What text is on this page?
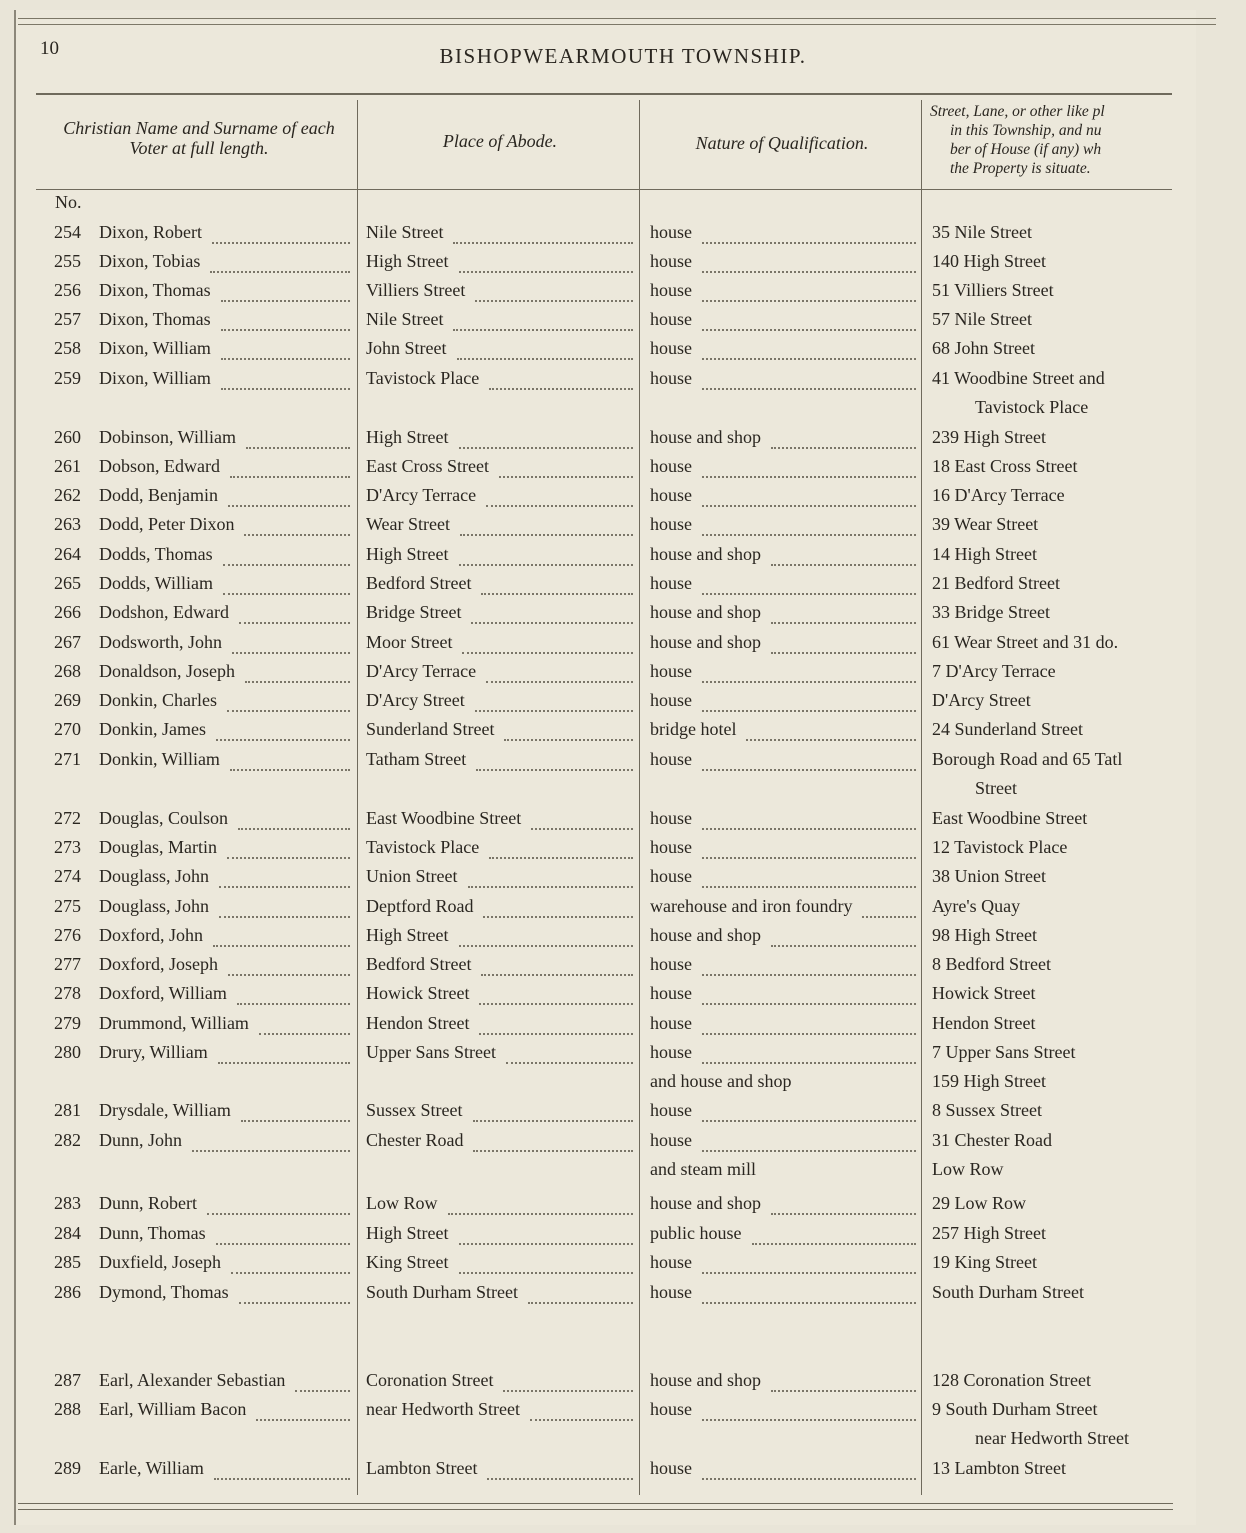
10	BISHOPWEARMOUTH TOWNSHIP.
Christian Name and Surname of each Voter at full length.	Place of Abode.	Nature of Qualification.
Street, Lane, or other like pl
in this Township, and nu
ber of House (if any) wh
the Property is situate.
No.
254 Dixon, Robert	Nile Street	house	35 Nile Street
255 Dixon, Tobias	High Street	house	140 High Street
256 Dixon, Thomas	Villiers Street	house	51 Villiers Street
257 Dixon, Thomas	Nile Street	house	57 Nile Street
258 Dixon, William	John Street	house	68 John Street
259 Dixon, William	Tavistock Place	house	41 Woodbine Street and
Tavistock Place
260 Dobinson, William	High Street	house and shop	239 High Street
261 Dobson, Edward	East Cross Street	house	18 East Cross Street
262 Dodd, Benjamin	D'Arcy Terrace	house	16 D'Arcy Terrace
263 Dodd, Peter Dixon	Wear Street	house	39 Wear Street
264 Dodds, Thomas	High Street	house and shop	14 High Street
265 Dodds, William	Bedford Street	house	21 Bedford Street
266 Dodshon, Edward	Bridge Street	house and shop	33 Bridge Street
267 Dodsworth, John	Moor Street	house and shop	61 Wear Street and 31 do.
268 Donaldson, Joseph	D'Arcy Terrace	house	7 D'Arcy Terrace
269 Donkin, Charles	D'Arcy Street	house	D'Arcy Street
270 Donkin, James	Sunderland Street	bridge hotel	24 Sunderland Street
271 Donkin, William	Tatham Street	house	Borough Road and 65 Tatl
Street
272 Douglas, Coulson	East Woodbine Street	house	East Woodbine Street
273 Douglas, Martin	Tavistock Place	house	12 Tavistock Place
274 Douglass, John	Union Street	house	38 Union Street
275 Douglass, John	Deptford Road	warehouse and iron foundry	Ayre's Quay
276 Doxford, John	High Street	house and shop	98 High Street
277 Doxford, Joseph	Bedford Street	house	8 Bedford Street
278 Doxford, William	Howick Street	house	Howick Street
279 Drummond, William	Hendon Street	house	Hendon Street
280 Drury, William	Upper Sans Street	house	7 Upper Sans Street
and house and shop	159 High Street
281 Drysdale, William	Sussex Street	house	8 Sussex Street
282 Dunn, John	Chester Road	house	31 Chester Road
and steam mill	Low Row
283 Dunn, Robert	Low Row	house and shop	29 Low Row
284 Dunn, Thomas	High Street	public house	257 High Street
285 Duxfield, Joseph	King Street	house	19 King Street
286 Dymond, Thomas	South Durham Street	house	South Durham Street
287 Earl, Alexander Sebastian	Coronation Street	house and shop	128 Coronation Street
288 Earl, William Bacon	near Hedworth Street	house	9 South Durham Street
near Hedworth Street
289 Earle, William	Lambton Street	house	13 Lambton Street
